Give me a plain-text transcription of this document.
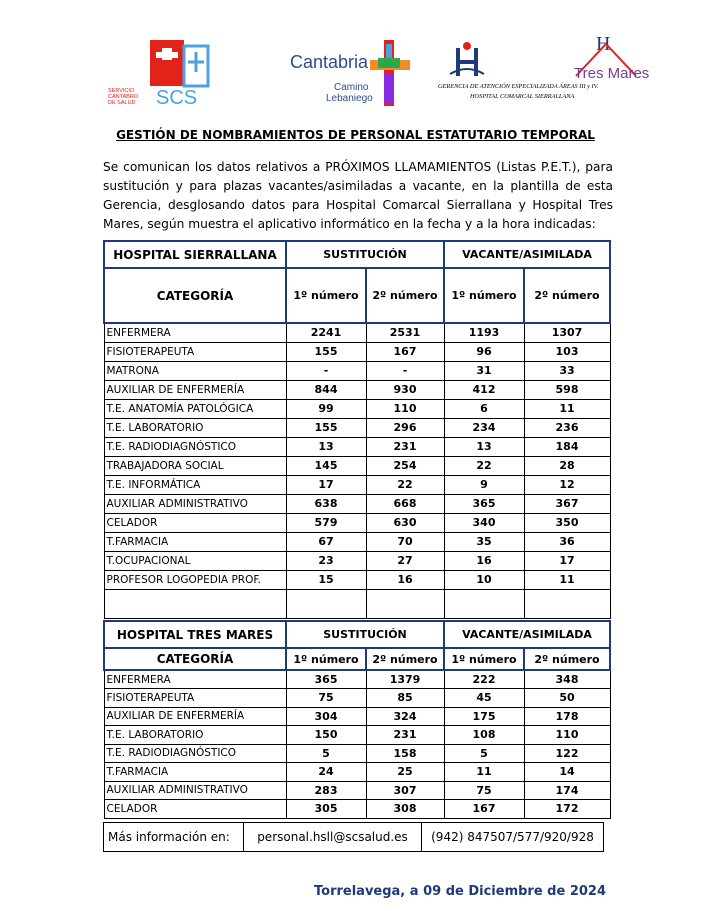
SERVICIO
CÁNTABRO
DE SALUD SCS
Cantabria
Camino
Lebaniego
GERENCIA DE ATENCIÓN ESPECIALIZADA ÁREAS III y IV.
HOSPITAL COMARCAL SIERRALLANA
H
Tres Mares
GESTIÓN DE NOMBRAMIENTOS DE PERSONAL ESTATUTARIO TEMPORAL
Se comunican los datos relativos a PRÓXIMOS LLAMAMIENTOS (Listas P.E.T.), para sustitución y para plazas vacantes/asimiladas a vacante, en la plantilla de esta Gerencia, desglosando datos para Hospital Comarcal Sierrallana y Hospital Tres Mares, según muestra el aplicativo informático en la fecha y a la hora indicadas:
HOSPITAL SIERRALLANA	SUSTITUCIÓN		VACANTE/ASIMILADA	
CATEGORÍA	1º número	2º número	1º número	2º número
ENFERMERA	2241	2531	1193	1307
FISIOTERAPEUTA	155	167	96	103
MATRONA	-	-	31	33
AUXILIAR DE ENFERMERÍA	844	930	412	598
T.E. ANATOMÍA PATOLÓGICA	99	110	6	11
T.E. LABORATORIO	155	296	234	236
T.E. RADIODIAGNÓSTICO	13	231	13	184
TRABAJADORA SOCIAL	145	254	22	28
T.E. INFORMÁTICA	17	22	9	12
AUXILIAR ADMINISTRATIVO	638	668	365	367
CELADOR	579	630	340	350
T.FARMACIA	67	70	35	36
T.OCUPACIONAL	23	27	16	17
PROFESOR LOGOPEDIA PROF.	15	16	10	11

HOSPITAL TRES MARES	SUSTITUCIÓN		VACANTE/ASIMILADA	
CATEGORÍA	1º número	2º número	1º número	2º número
ENFERMERA	365	1379	222	348
FISIOTERAPEUTA	75	85	45	50
AUXILIAR DE ENFERMERÍA	304	324	175	178
T.E. LABORATORIO	150	231	108	110
T.E. RADIODIAGNÓSTICO	5	158	5	122
T.FARMACIA	24	25	11	14
AUXILIAR ADMINISTRATIVO	283	307	75	174
CELADOR	305	308	167	172
Más información en:	personal.hsll@scsalud.es	(942) 847507/577/920/928
Torrelavega, a 09 de Diciembre de 2024
